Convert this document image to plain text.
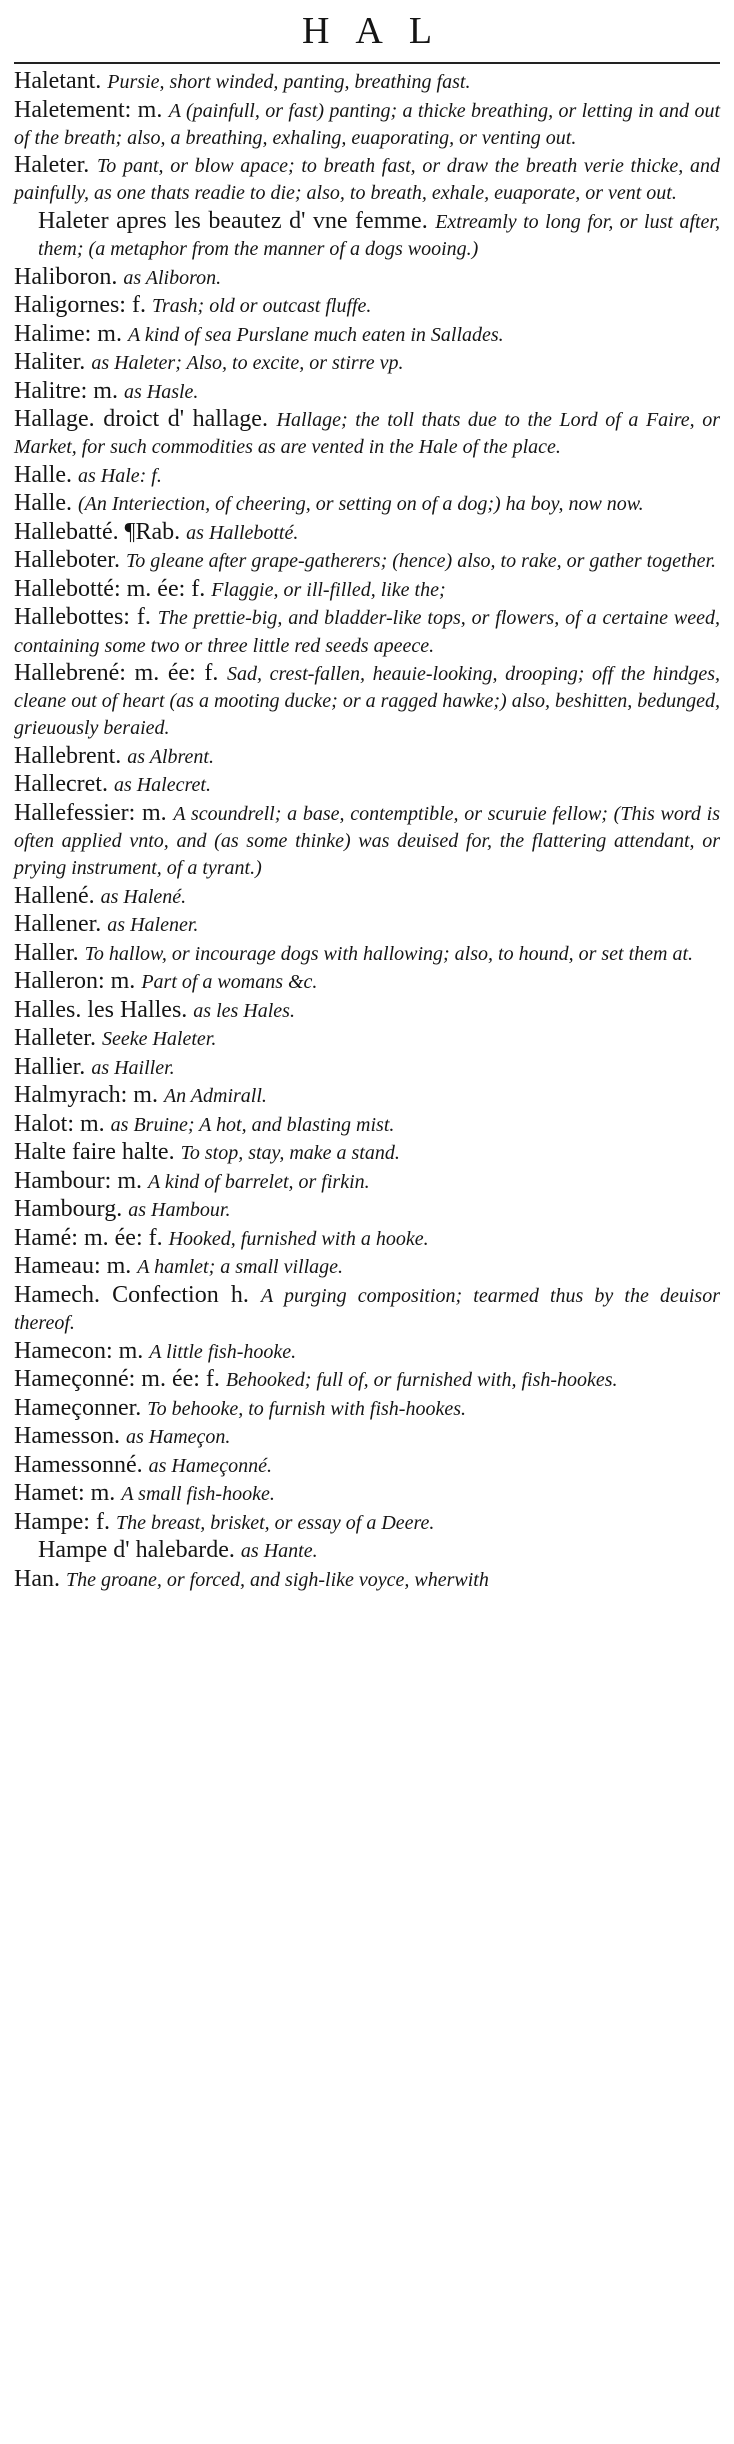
HAL
Haletant. Pursie, short winded, panting, breathing fast.
Haletement: m. A (painfull, or fast) panting; a thicke breathing, or letting in and out of the breath; also, a breathing, exhaling, euaporating, or venting out.
Haleter. To pant, or blow apace; to breath fast, or draw the breath verie thicke, and painfully, as one thats readie to die; also, to breath, exhale, euaporate, or vent out.
Haleter apres les beautez d' vne femme. Extreamly to long for, or lust after, them; (a metaphor from the manner of a dogs wooing.)
Haliboron. as Aliboron.
Haligornes: f. Trash; old or outcast fluffe.
Halime: m. A kind of sea Purslane much eaten in Sallades.
Haliter. as Haleter; Also, to excite, or stirre vp.
Halitre: m. as Hasle.
Hallage. droict d' hallage. Hallage; the toll thats due to the Lord of a Faire, or Market, for such commodities as are vented in the Hale of the place.
Halle. as Hale: f.
Halle. (An Interiection, of cheering, or setting on of a dog;) ha boy, now now.
Hallebatté. ¶Rab. as Hallebotté.
Halleboter. To gleane after grape-gatherers; (hence) also, to rake, or gather together.
Hallebotté: m. ée: f. Flaggie, or ill-filled, like the;
Hallebottes: f. The prettie-big, and bladder-like tops, or flowers, of a certaine weed, containing some two or three little red seeds apeece.
Hallebrené: m. ée: f. Sad, crest-fallen, heauie-looking, drooping; off the hindges, cleane out of heart (as a mooting ducke; or a ragged hawke;) also, beshitten, bedunged, grieuously beraied.
Hallebrent. as Albrent.
Hallecret. as Halecret.
Hallefessier: m. A scoundrell; a base, contemptible, or scuruie fellow; (This word is often applied vnto, and (as some thinke) was deuised for, the flattering attendant, or prying instrument, of a tyrant.)
Hallené. as Halené.
Hallener. as Halener.
Haller. To hallow, or incourage dogs with hallowing; also, to hound, or set them at.
Halleron: m. Part of a womans &c.
Halles. les Halles. as les Hales.
Halleter. Seeke Haleter.
Hallier. as Hailler.
Halmyrach: m. An Admirall.
Halot: m. as Bruine; A hot, and blasting mist.
Halte faire halte. To stop, stay, make a stand.
Hambour: m. A kind of barrelet, or firkin.
Hambourg. as Hambour.
Hamé: m. ée: f. Hooked, furnished with a hooke.
Hameau: m. A hamlet; a small village.
Hamech. Confection h. A purging composition; tearmed thus by the deuisor thereof.
Hamecon: m. A little fish-hooke.
Hameçonné: m. ée: f. Behooked; full of, or furnished with, fish-hookes.
Hameçonner. To behooke, to furnish with fish-hookes.
Hamesson. as Hameçon.
Hamessonné. as Hameçonné.
Hamet: m. A small fish-hooke.
Hampe: f. The breast, brisket, or essay of a Deere.
Hampe d' halebarde. as Hante.
Han. The groane, or forced, and sigh-like voyce, wherwith
